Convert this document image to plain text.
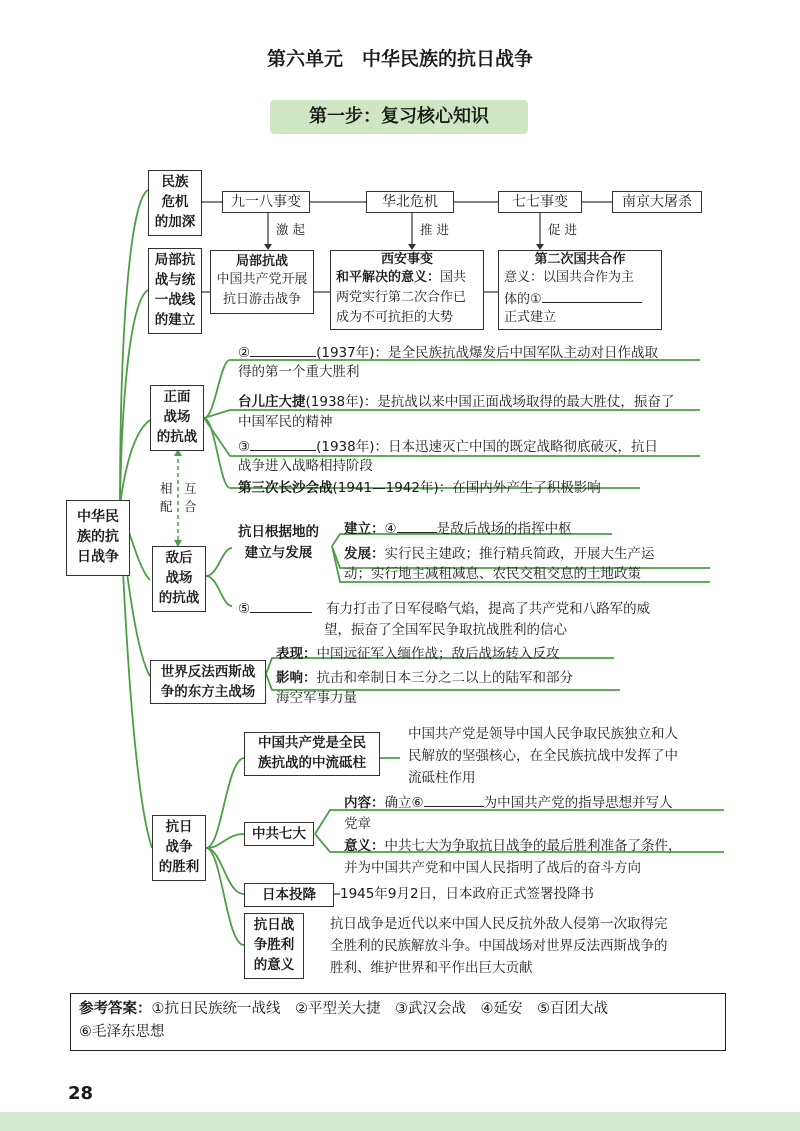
第六单元　中华民族的抗日战争
第一步：复习核心知识
中华民
族的抗
日战争
民族
危机
的加深
九一八事变	华北危机	七七事变	南京大屠杀
激 起	推 进	促 进
局部抗
战与统
一战线
的建立
局部抗战
中国共产党开展
抗日游击战争
西安事变
和平解决的意义： 国共
两党实行第二次合作已
成为不可抗拒的大势
第二次国共合作
意义：以国共合作为主
体的①
正式建立
正面
战场
的抗战
②	(1937年)：是全民族抗战爆发后中国军队主动对日作战取
得的第一个重大胜利
台儿庄大捷(1938年)：是抗战以来中国正面战场取得的最大胜仗，振奋了
中国军民的精神
③	(1938年)：日本迅速灭亡中国的既定战略彻底破灭，抗日
战争进入战略相持阶段
第三次长沙会战(1941—1942年)：在国内外产生了积极影响
相
配
互
合
敌后
战场
的抗战
抗日根据地的
建立与发展
建立：④	是敌后战场的指挥中枢
发展：实行民主建政；推行精兵简政，开展大生产运
动；实行地主减租减息、农民交租交息的土地政策
⑤	有力打击了日军侵略气焰，提高了共产党和八路军的威
望，振奋了全国军民争取抗战胜利的信心
世界反法西斯战
争的东方主战场
表现：中国远征军入缅作战；敌后战场转入反攻
影响：抗击和牵制日本三分之二以上的陆军和部分
海空军事力量
抗日
战争
的胜利
中国共产党是全民
族抗战的中流砥柱
中国共产党是领导中国人民争取民族独立和人
民解放的坚强核心，在全民族抗战中发挥了中
流砥柱作用
中共七大
内容：确立⑥	为中国共产党的指导思想并写人
党章
意义：中共七大为争取抗日战争的最后胜利准备了条件，
并为中国共产党和中国人民指明了战后的奋斗方向
日本投降	1945年9月2日，日本政府正式签署投降书
抗日战
争胜利
的意义
抗日战争是近代以来中国人民反抗外敌人侵第一次取得完
全胜利的民族解放斗争。中国战场对世界反法西斯战争的
胜利、维护世界和平作出巨大贡献
参考答案：①抗日民族统一战线　②平型关大捷　③武汉会战　④延安　⑤百团大战
⑥毛泽东思想
28
